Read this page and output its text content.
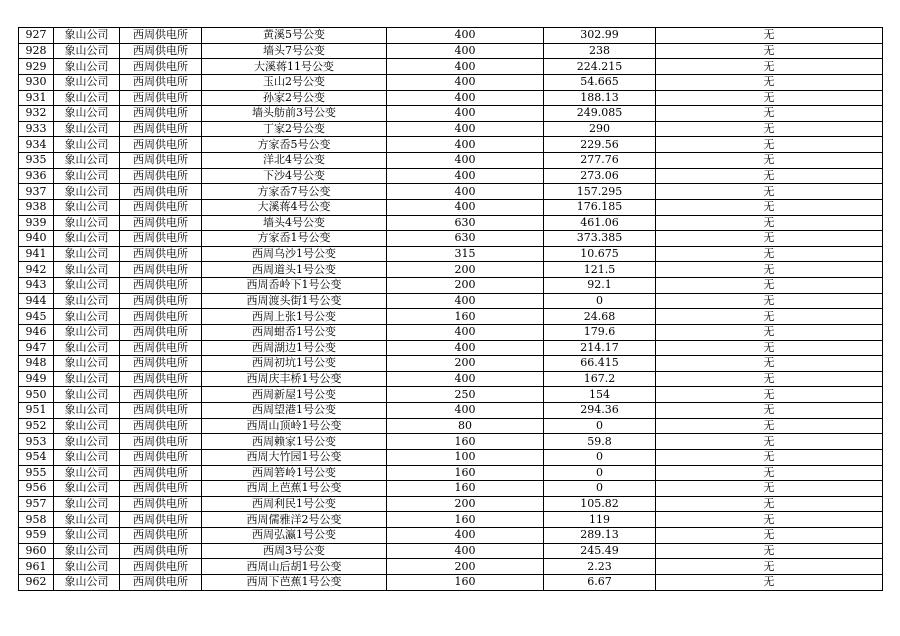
927	象山公司	西周供电所	黄溪5号公变	400	302.99	无
928	象山公司	西周供电所	墙头7号公变	400	238	无
929	象山公司	西周供电所	大溪蒋11号公变	400	224.215	无
930	象山公司	西周供电所	玉山2号公变	400	54.665	无
931	象山公司	西周供电所	孙家2号公变	400	188.13	无
932	象山公司	西周供电所	墙头舫前3号公变	400	249.085	无
933	象山公司	西周供电所	丁家2号公变	400	290	无
934	象山公司	西周供电所	方家岙5号公变	400	229.56	无
935	象山公司	西周供电所	洋北4号公变	400	277.76	无
936	象山公司	西周供电所	下沙4号公变	400	273.06	无
937	象山公司	西周供电所	方家岙7号公变	400	157.295	无
938	象山公司	西周供电所	大溪蒋4号公变	400	176.185	无
939	象山公司	西周供电所	墙头4号公变	630	461.06	无
940	象山公司	西周供电所	方家岙1号公变	630	373.385	无
941	象山公司	西周供电所	西周乌沙1号公变	315	10.675	无
942	象山公司	西周供电所	西周道头1号公变	200	121.5	无
943	象山公司	西周供电所	西周岙岭下1号公变	200	92.1	无
944	象山公司	西周供电所	西周渡头街1号公变	400	0	无
945	象山公司	西周供电所	西周上张1号公变	160	24.68	无
946	象山公司	西周供电所	西周蚶岙1号公变	400	179.6	无
947	象山公司	西周供电所	西周湖边1号公变	400	214.17	无
948	象山公司	西周供电所	西周初坑1号公变	200	66.415	无
949	象山公司	西周供电所	西周庆丰桥1号公变	400	167.2	无
950	象山公司	西周供电所	西周新屋1号公变	250	154	无
951	象山公司	西周供电所	西周望港1号公变	400	294.36	无
952	象山公司	西周供电所	西周山顶岭1号公变	80	0	无
953	象山公司	西周供电所	西周赖家1号公变	160	59.8	无
954	象山公司	西周供电所	西周大竹园1号公变	100	0	无
955	象山公司	西周供电所	西周箬岭1号公变	160	0	无
956	象山公司	西周供电所	西周上芭蕉1号公变	160	0	无
957	象山公司	西周供电所	西周利民1号公变	200	105.82	无
958	象山公司	西周供电所	西周儒雅洋2号公变	160	119	无
959	象山公司	西周供电所	西周弘瀛1号公变	400	289.13	无
960	象山公司	西周供电所	西周3号公变	400	245.49	无
961	象山公司	西周供电所	西周山后胡1号公变	200	2.23	无
962	象山公司	西周供电所	西周下芭蕉1号公变	160	6.67	无
